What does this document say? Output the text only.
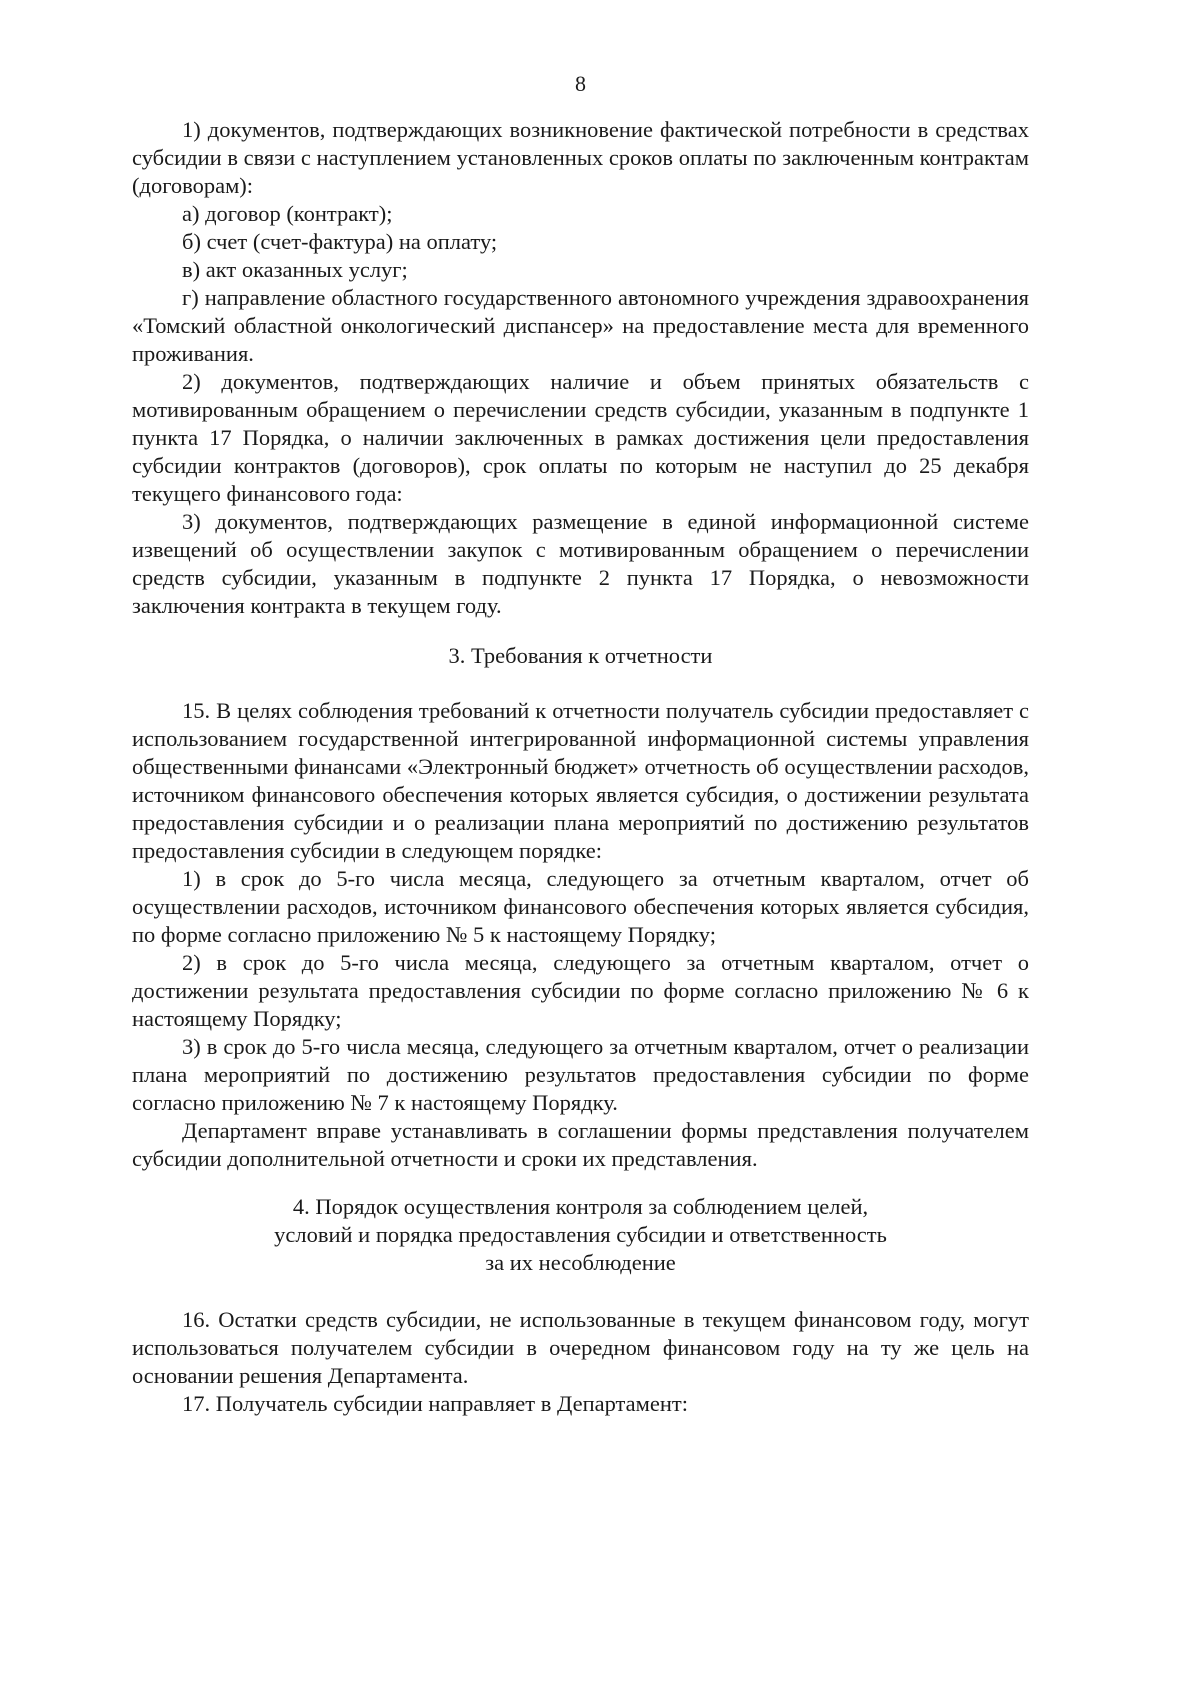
8

1) документов, подтверждающих возникновение фактической потребности в средствах субсидии в связи с наступлением установленных сроков оплаты по заключенным контрактам (договорам):

а) договор (контракт);

б) счет (счет-фактура) на оплату;

в) акт оказанных услуг;

г) направление областного государственного автономного учреждения здравоохранения «Томский областной онкологический диспансер» на предоставление места для временного проживания.

2) документов, подтверждающих наличие и объем принятых обязательств с мотивированным обращением о перечислении средств субсидии, указанным в подпункте 1 пункта 17 Порядка, о наличии заключенных в рамках достижения цели предоставления субсидии контрактов (договоров), срок оплаты по которым не наступил до 25 декабря текущего финансового года:

3) документов, подтверждающих размещение в единой информационной системе извещений об осуществлении закупок с мотивированным обращением о перечислении средств субсидии, указанным в подпункте 2 пункта 17 Порядка, о невозможности заключения контракта в текущем году.

3. Требования к отчетности

15. В целях соблюдения требований к отчетности получатель субсидии предоставляет с использованием государственной интегрированной информационной системы управления общественными финансами «Электронный бюджет» отчетность об осуществлении расходов, источником финансового обеспечения которых является субсидия, о достижении результата предоставления субсидии и о реализации плана мероприятий по достижению результатов предоставления субсидии в следующем порядке:

1) в срок до 5-го числа месяца, следующего за отчетным кварталом, отчет об осуществлении расходов, источником финансового обеспечения которых является субсидия, по форме согласно приложению № 5 к настоящему Порядку;

2) в срок до 5-го числа месяца, следующего за отчетным кварталом, отчет о достижении результата предоставления субсидии по форме согласно приложению № 6 к настоящему Порядку;

3) в срок до 5-го числа месяца, следующего за отчетным кварталом, отчет о реализации плана мероприятий по достижению результатов предоставления субсидии по форме согласно приложению № 7 к настоящему Порядку.

Департамент вправе устанавливать в соглашении формы представления получателем субсидии дополнительной отчетности и сроки их представления.

4. Порядок осуществления контроля за соблюдением целей,
условий и порядка предоставления субсидии и ответственность
за их несоблюдение

16. Остатки средств субсидии, не использованные в текущем финансовом году, могут использоваться получателем субсидии в очередном финансовом году на ту же цель на основании решения Департамента.

17. Получатель субсидии направляет в Департамент:
